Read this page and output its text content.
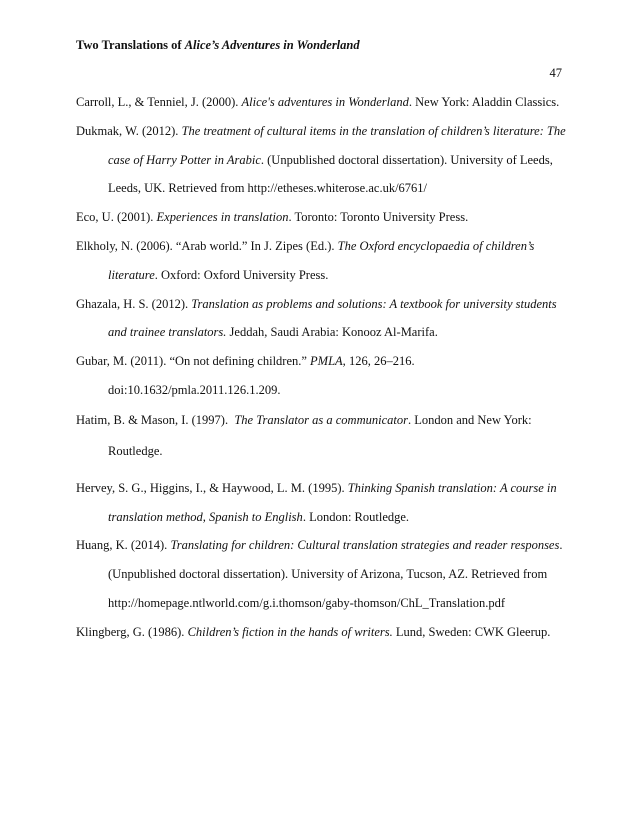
Two Translations of Alice’s Adventures in Wonderland
47
Carroll, L., & Tenniel, J. (2000). Alice's adventures in Wonderland. New York: Aladdin Classics.
Dukmak, W. (2012). The treatment of cultural items in the translation of children’s literature: The case of Harry Potter in Arabic. (Unpublished doctoral dissertation). University of Leeds, Leeds, UK. Retrieved from http://etheses.whiterose.ac.uk/6761/
Eco, U. (2001). Experiences in translation. Toronto: Toronto University Press.
Elkholy, N. (2006). “Arab world.” In J. Zipes (Ed.). The Oxford encyclopaedia of children’s literature. Oxford: Oxford University Press.
Ghazala, H. S. (2012). Translation as problems and solutions: A textbook for university students and trainee translators. Jeddah, Saudi Arabia: Konooz Al-Marifa.
Gubar, M. (2011). “On not defining children.” PMLA, 126, 26–216. doi:10.1632/pmla.2011.126.1.209.
Hatim, B. & Mason, I. (1997).  The Translator as a communicator. London and New York: Routledge.
Hervey, S. G., Higgins, I., & Haywood, L. M. (1995). Thinking Spanish translation: A course in translation method, Spanish to English. London: Routledge.
Huang, K. (2014). Translating for children: Cultural translation strategies and reader responses. (Unpublished doctoral dissertation). University of Arizona, Tucson, AZ. Retrieved from http://homepage.ntlworld.com/g.i.thomson/gaby-thomson/ChL_Translation.pdf
Klingberg, G. (1986). Children’s fiction in the hands of writers. Lund, Sweden: CWK Gleerup.
